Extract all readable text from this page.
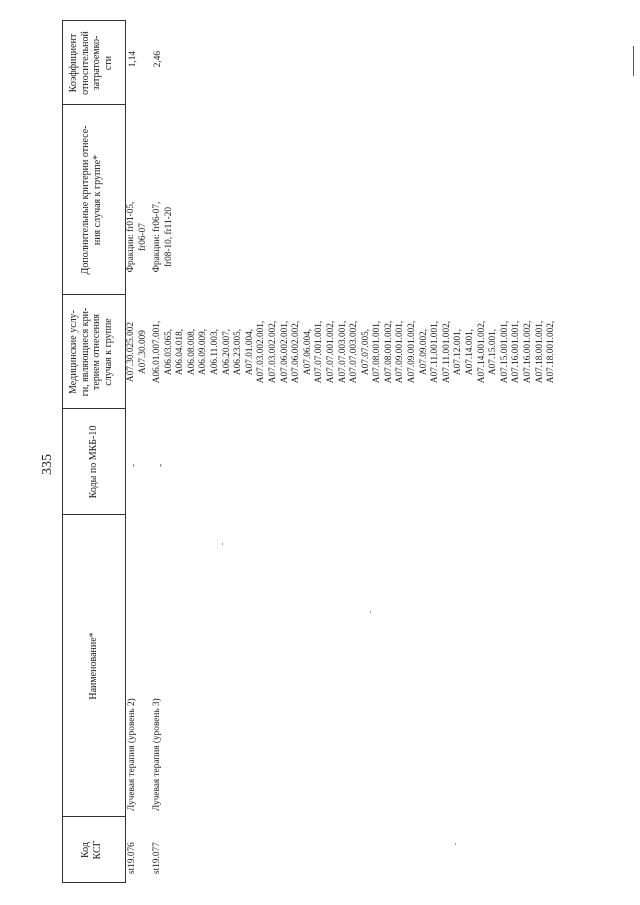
335
Код
КСГ
Наименование*
Коды по МКБ-10
Медицинские услу-
ги, являющиеся кри-
терием отнесения
случая к группе
Дополнительные критерии отнесе-
ния случая к группе*
Коэффициент
относительной
затратоемко-
сти
st19.076
Лучевая терапия (уровень 2)
-
A07.30.025.002
A07.30.009
Фракции: fr01-05,
fr06-07
1,14
st19.077
Лучевая терапия (уровень 3)
-
A06.01.007.001,
A06.03.065,
A06.04.018,
A06.08.008,
A06.09.009,
A06.11.003,
A06.20.007,
A06.23.005,
A07.01.004,
A07.03.002.001,
A07.03.002.002,
A07.06.002.001,
A07.06.002.002,
A07.06.004,
A07.07.001.001,
A07.07.001.002,
A07.07.003.001,
A07.07.003.002,
A07.07.005,
A07.08.001.001,
A07.08.001.002,
A07.09.001.001,
A07.09.001.002,
A07.09.002,
A07.11.001.001,
A07.11.001.002,
A07.12.001,
A07.14.001,
A07.14.001.002,
A07.15.001,
A07.15.001.001,
A07.16.001.001,
A07.16.001.002,
A07.18.001.001,
A07.18.001.002,
Фракции: fr06-07,
fr08-10, fr11-20
2,46
